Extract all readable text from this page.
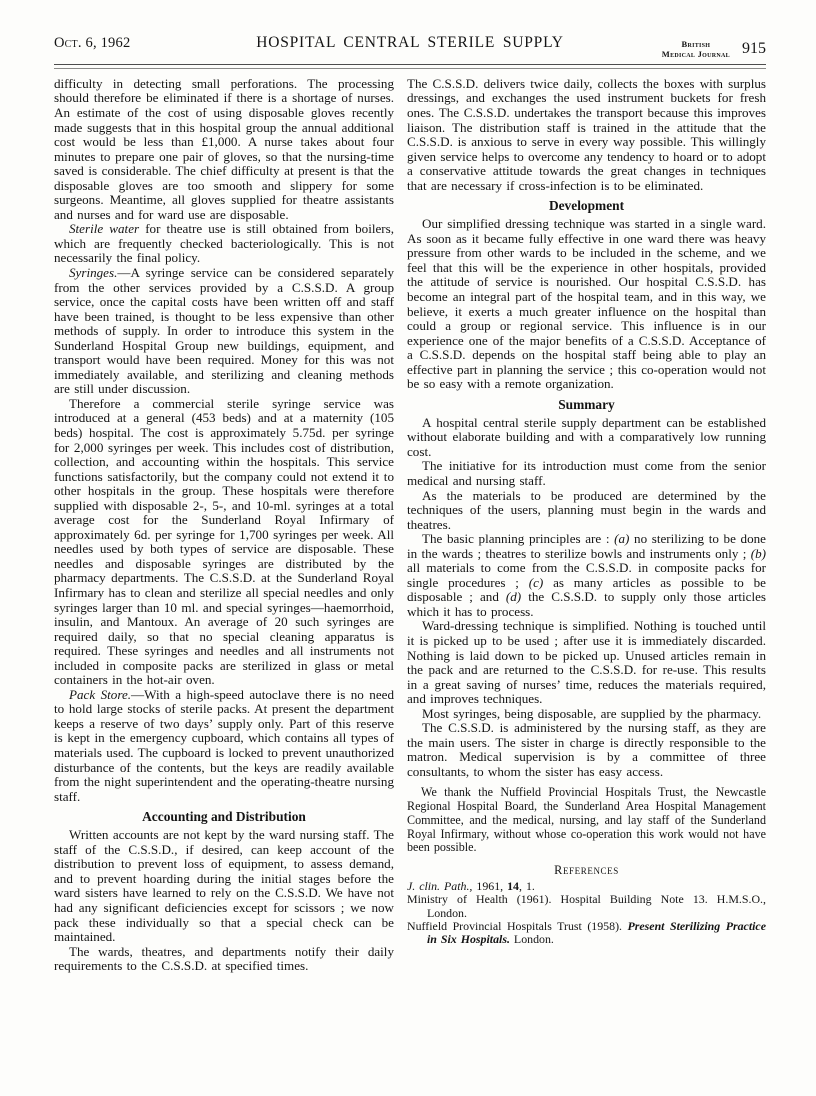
Oct. 6, 1962	HOSPITAL CENTRAL STERILE SUPPLY	British
Medical Journal 915

difficulty in detecting small perforations. The processing should therefore be eliminated if there is a shortage of nurses. An estimate of the cost of using disposable gloves recently made suggests that in this hospital group the annual additional cost would be less than £1,000. A nurse takes about four minutes to prepare one pair of gloves, so that the nursing-time saved is considerable. The chief difficulty at present is that the disposable gloves are too smooth and slippery for some surgeons. Meantime, all gloves supplied for theatre assistants and nurses and for ward use are disposable.

Sterile water for theatre use is still obtained from boilers, which are frequently checked bacteriologically. This is not necessarily the final policy.

Syringes.—A syringe service can be considered separately from the other services provided by a C.S.S.D. A group service, once the capital costs have been written off and staff have been trained, is thought to be less expensive than other methods of supply. In order to introduce this system in the Sunderland Hospital Group new buildings, equipment, and transport would have been required. Money for this was not immediately available, and sterilizing and cleaning methods are still under discussion.

Therefore a commercial sterile syringe service was introduced at a general (453 beds) and at a maternity (105 beds) hospital. The cost is approximately 5.75d. per syringe for 2,000 syringes per week. This includes cost of distribution, collection, and accounting within the hospitals. This service functions satisfactorily, but the company could not extend it to other hospitals in the group. These hospitals were therefore supplied with disposable 2-, 5-, and 10-ml. syringes at a total average cost for the Sunderland Royal Infirmary of approximately 6d. per syringe for 1,700 syringes per week. All needles used by both types of service are disposable. These needles and disposable syringes are distributed by the pharmacy departments. The C.S.S.D. at the Sunderland Royal Infirmary has to clean and sterilize all special needles and only syringes larger than 10 ml. and special syringes—haemorrhoid, insulin, and Mantoux. An average of 20 such syringes are required daily, so that no special cleaning apparatus is required. These syringes and needles and all instruments not included in composite packs are sterilized in glass or metal containers in the hot-air oven.

Pack Store.—With a high-speed autoclave there is no need to hold large stocks of sterile packs. At present the department keeps a reserve of two days’ supply only. Part of this reserve is kept in the emergency cupboard, which contains all types of materials used. The cupboard is locked to prevent unauthorized disturbance of the contents, but the keys are readily available from the night superintendent and the operating-theatre nursing staff.

Accounting and Distribution

Written accounts are not kept by the ward nursing staff. The staff of the C.S.S.D., if desired, can keep account of the distribution to prevent loss of equipment, to assess demand, and to prevent hoarding during the initial stages before the ward sisters have learned to rely on the C.S.S.D. We have not had any significant deficiencies except for scissors ; we now pack these individually so that a special check can be maintained.

The wards, theatres, and departments notify their daily requirements to the C.S.S.D. at specified times.

The C.S.S.D. delivers twice daily, collects the boxes with surplus dressings, and exchanges the used instrument buckets for fresh ones. The C.S.S.D. undertakes the transport because this improves liaison. The distribution staff is trained in the attitude that the C.S.S.D. is anxious to serve in every way possible. This willingly given service helps to overcome any tendency to hoard or to adopt a conservative attitude towards the great changes in techniques that are necessary if cross-infection is to be eliminated.

Development

Our simplified dressing technique was started in a single ward. As soon as it became fully effective in one ward there was heavy pressure from other wards to be included in the scheme, and we feel that this will be the experience in other hospitals, provided the attitude of service is nourished. Our hospital C.S.S.D. has become an integral part of the hospital team, and in this way, we believe, it exerts a much greater influence on the hospital than could a group or regional service. This influence is in our experience one of the major benefits of a C.S.S.D. Acceptance of a C.S.S.D. depends on the hospital staff being able to play an effective part in planning the service ; this co-operation would not be so easy with a remote organization.

Summary

A hospital central sterile supply department can be established without elaborate building and with a comparatively low running cost.

The initiative for its introduction must come from the senior medical and nursing staff.

As the materials to be produced are determined by the techniques of the users, planning must begin in the wards and theatres.

The basic planning principles are : (a) no sterilizing to be done in the wards ; theatres to sterilize bowls and instruments only ; (b) all materials to come from the C.S.S.D. in composite packs for single procedures ; (c) as many articles as possible to be disposable ; and (d) the C.S.S.D. to supply only those articles which it has to process.

Ward-dressing technique is simplified. Nothing is touched until it is picked up to be used ; after use it is immediately discarded. Nothing is laid down to be picked up. Unused articles remain in the pack and are returned to the C.S.S.D. for re-use. This results in a great saving of nurses’ time, reduces the materials required, and improves techniques.

Most syringes, being disposable, are supplied by the pharmacy.

The C.S.S.D. is administered by the nursing staff, as they are the main users. The sister in charge is directly responsible to the matron. Medical supervision is by a committee of three consultants, to whom the sister has easy access.

We thank the Nuffield Provincial Hospitals Trust, the Newcastle Regional Hospital Board, the Sunderland Area Hospital Management Committee, and the medical, nursing, and lay staff of the Sunderland Royal Infirmary, without whose co-operation this work would not have been possible.

References

J. clin. Path., 1961, 14, 1.

Ministry of Health (1961). Hospital Building Note 13. H.M.S.O., London.

Nuffield Provincial Hospitals Trust (1958). Present Sterilizing Practice in Six Hospitals. London.
